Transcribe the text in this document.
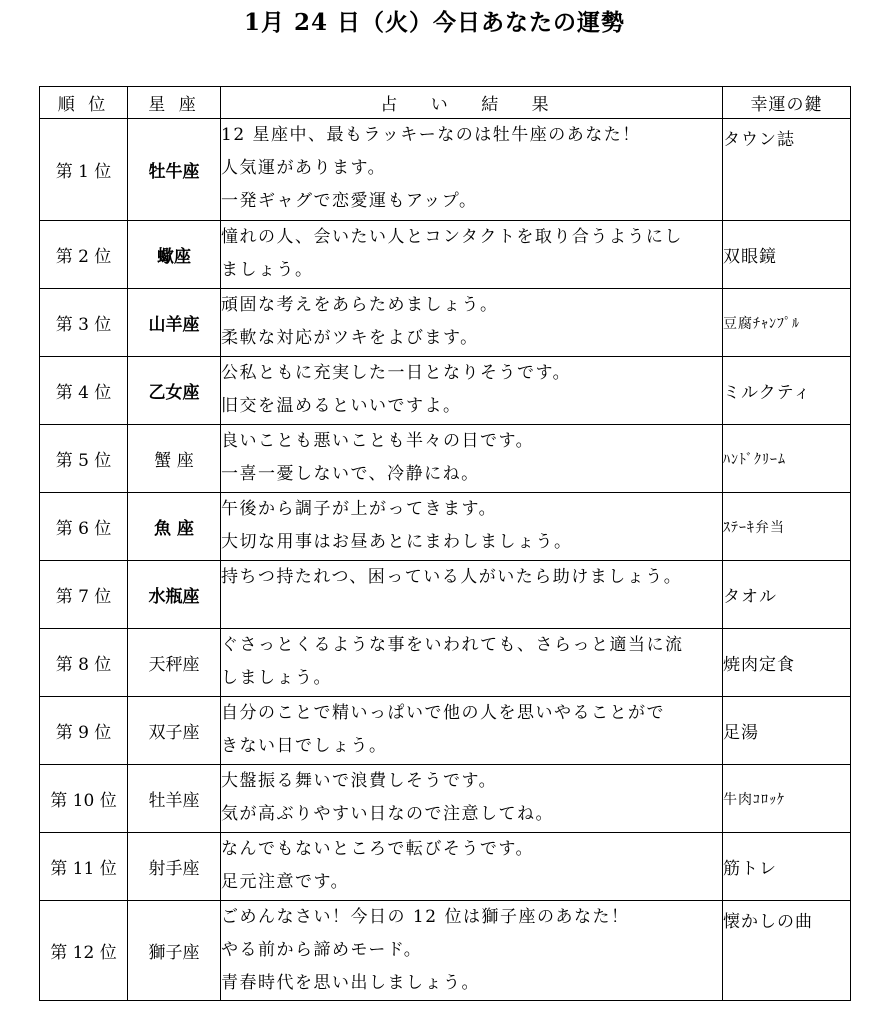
1月 24 日（火）今日あなたの運勢
順 位	星 座	占 い 結 果	幸運の鍵
第 1 位	牡牛座	12 星座中、最もラッキーなのは牡牛座のあなた！
人気運があります。
一発ギャグで恋愛運もアップ。	タウン誌
第 2 位	蠍座	憧れの人、会いたい人とコンタクトを取り合うようにし
ましょう。	双眼鏡
第 3 位	山羊座	頑固な考えをあらためましょう。
柔軟な対応がツキをよびます。	豆腐ﾁｬﾝﾌﾟﾙ
第 4 位	乙女座	公私ともに充実した一日となりそうです。
旧交を温めるといいですよ。	ミルクティ
第 5 位	蟹 座	良いことも悪いことも半々の日です。
一喜一憂しないで、冷静にね。	ﾊﾝﾄﾞｸﾘｰﾑ
第 6 位	魚 座	午後から調子が上がってきます。
大切な用事はお昼あとにまわしましょう。	ｽﾃｰｷ弁当
第 7 位	水瓶座	持ちつ持たれつ、困っている人がいたら助けましょう。	タオル
第 8 位	天秤座	ぐさっとくるような事をいわれても、さらっと適当に流
しましょう。	焼肉定食
第 9 位	双子座	自分のことで精いっぱいで他の人を思いやることがで
きない日でしょう。	足湯
第 10 位	牡羊座	大盤振る舞いで浪費しそうです。
気が高ぶりやすい日なので注意してね。	牛肉ｺﾛｯｹ
第 11 位	射手座	なんでもないところで転びそうです。
足元注意です。	筋トレ
第 12 位	獅子座	ごめんなさい！今日の 12 位は獅子座のあなた！
やる前から諦めモード。
青春時代を思い出しましょう。	懐かしの曲
